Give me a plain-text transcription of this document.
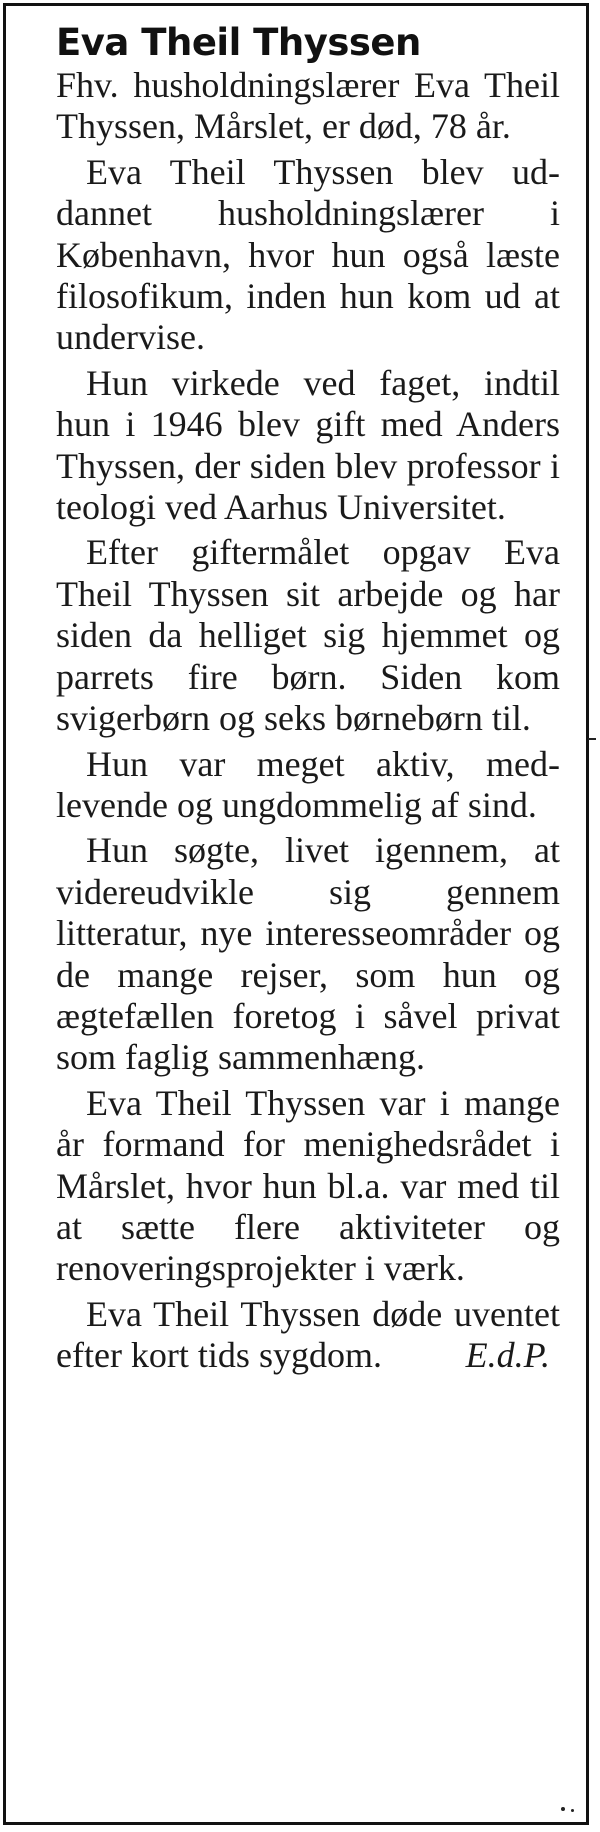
Eva Theil Thyssen

Fhv. husholdningslærer Eva Theil Thyssen, Mårslet, er død, 78 år.

Eva Theil Thyssen blev uddannet husholdningslærer i København, hvor hun også læste filosofikum, inden hun kom ud at undervise.

Hun virkede ved faget, indtil hun i 1946 blev gift med Anders Thyssen, der siden blev professor i teologi ved Aarhus Universitet.

Efter giftermålet opgav Eva Theil Thyssen sit arbejde og har siden da helliget sig hjemmet og parrets fire børn. Siden kom svigerbørn og seks børnebørn til.

Hun var meget aktiv, medlevende og ungdommelig af sind.

Hun søgte, livet igennem, at videreudvikle sig gennem litteratur, nye interesseområder og de mange rejser, som hun og ægtefællen foretog i såvel privat som faglig sammenhæng.

Eva Theil Thyssen var i mange år formand for menighedsrådet i Mårslet, hvor hun bl.a. var med til at sætte flere aktiviteter og renoveringsprojekter i værk.

Eva Theil Thyssen døde uventet efter kort tids sygdom.	E.d.P.
